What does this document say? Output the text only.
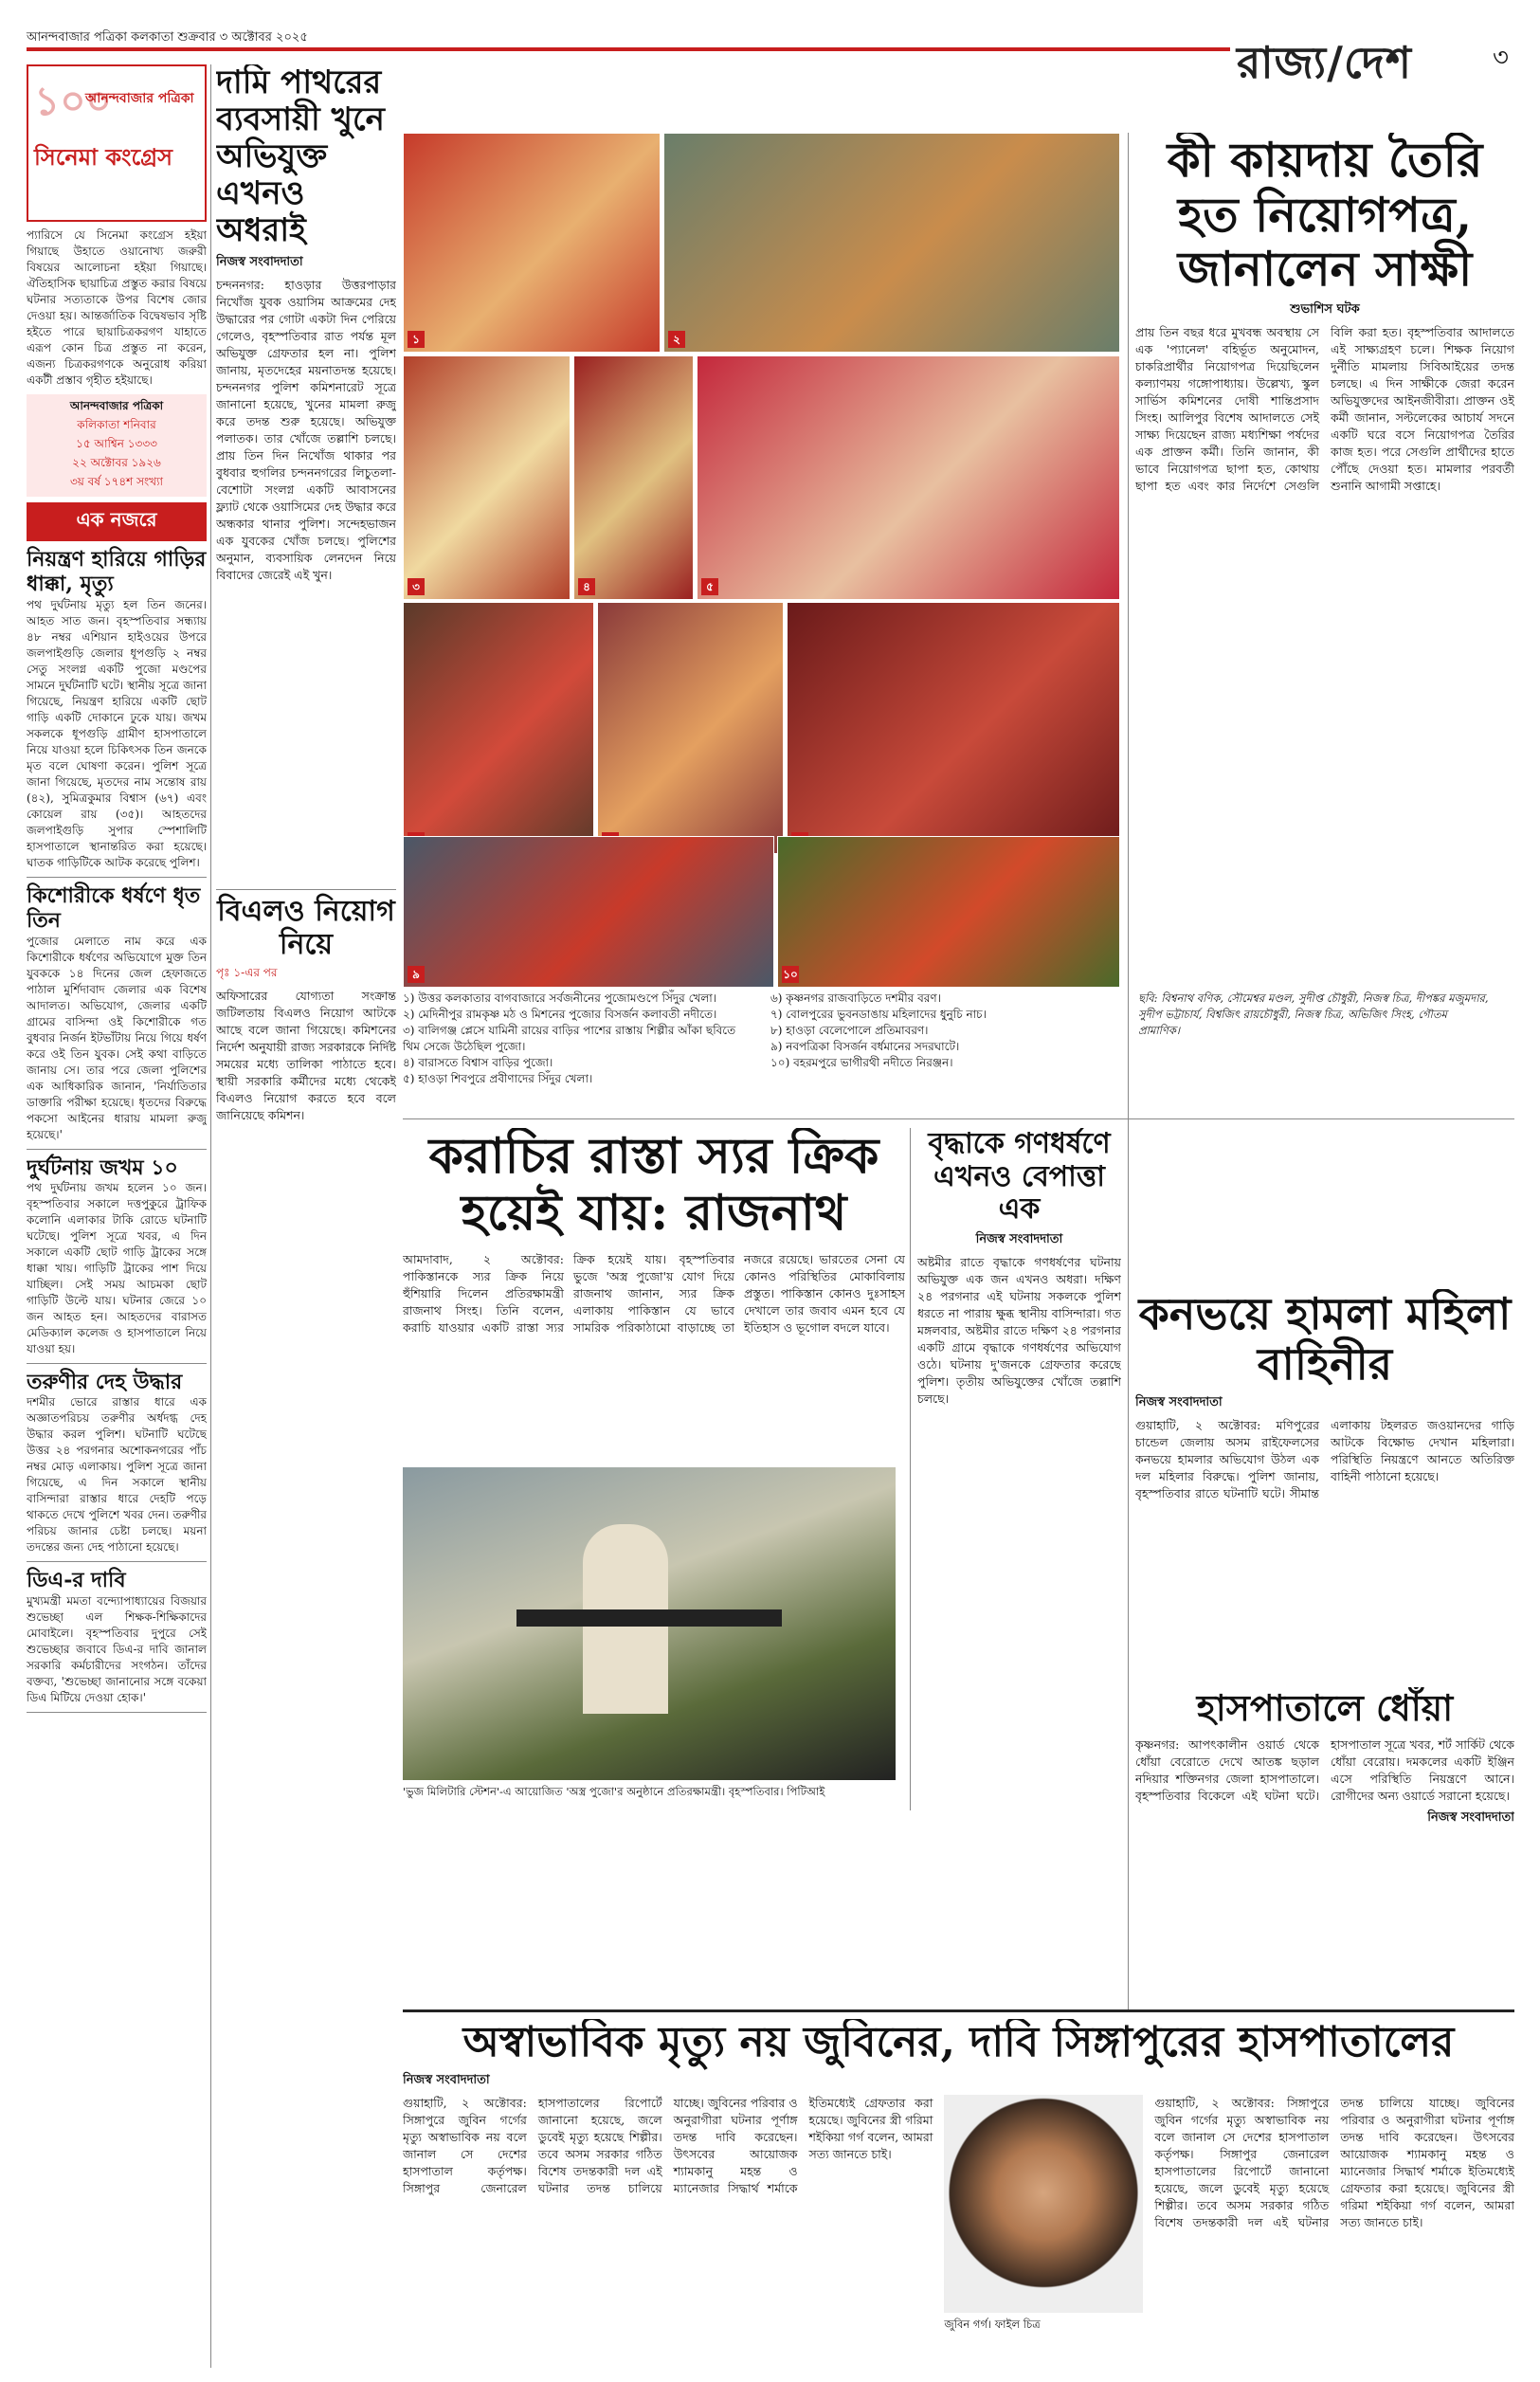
আনন্দবাজার পত্রিকা কলকাতা শুক্রবার ৩ অক্টোবর ২০২৫	রাজ্য/দেশ	৩
১০০
আনন্দবাজার পত্রিকা
সিনেমা কংগ্রেস
প্যারিসে যে সিনেমা কংগ্রেস হইয়া গিয়াছে উহাতে ওয়ানোখ্য জরুরী বিষয়ের আলোচনা হইয়া গিয়াছে। ঐতিহাসিক ছায়াচিত্র প্রস্তুত করার বিষয়ে ঘটনার সত্যতাকে উপর বিশেষ জোর দেওয়া হয়। আন্তর্জাতিক বিদ্বেষভাব সৃষ্টি হইতে পারে ছায়াচিত্রকরগণ যাহাতে এরূপ কোন চিত্র প্রস্তুত না করেন, এজন্য চিত্রকরগণকে অনুরোধ করিয়া একটী প্রস্তাব গৃহীত হইয়াছে।
আনন্দবাজার পত্রিকা
কলিকাতা শনিবার
১৫ আশ্বিন ১৩৩৩
২২ অক্টোবর ১৯২৬
৩য় বর্ষ ১৭৪শ সংখ্যা
এক নজরে
নিয়ন্ত্রণ হারিয়ে গাড়ির ধাক্কা, মৃত্যু
পথ দুর্ঘটনায় মৃত্যু হল তিন জনের। আহত সাত জন। বৃহস্পতিবার সন্ধ্যায় ৪৮ নম্বর এশিয়ান হাইওয়ের উপরে জলপাইগুড়ি জেলার ধূপগুড়ি ২ নম্বর সেতু সংলগ্ন একটি পুজো মণ্ডপের সামনে দুর্ঘটনাটি ঘটে। স্থানীয় সূত্রে জানা গিয়েছে, নিয়ন্ত্রণ হারিয়ে একটি ছোট গাড়ি একটি দোকানে ঢুকে যায়। জখম সকলকে ধূপগুড়ি গ্রামীণ হাসপাতালে নিয়ে যাওয়া হলে চিকিৎসক তিন জনকে মৃত বলে ঘোষণা করেন। পুলিশ সূত্রে জানা গিয়েছে, মৃতদের নাম সন্তোষ রায় (৪২), সুমিত্রকুমার বিশ্বাস (৬৭) এবং কোয়েল রায় (৩৫)। আহতদের জলপাইগুড়ি সুপার স্পেশালিটি হাসপাতালে স্থানান্তরিত করা হয়েছে। ঘাতক গাড়িটিকে আটক করেছে পুলিশ।
কিশোরীকে ধর্ষণে ধৃত তিন
পুজোর মেলাতে নাম করে এক কিশোরীকে ধর্ষণের অভিযোগে মুক্ত তিন যুবককে ১৪ দিনের জেল হেফাজতে পাঠাল মুর্শিদাবাদ জেলার এক বিশেষ আদালত। অভিযোগ, জেলার একটি গ্রামের বাসিন্দা ওই কিশোরীকে গত বুধবার নির্জন ইটভাঁটায় নিয়ে গিয়ে ধর্ষণ করে ওই তিন যুবক। সেই কথা বাড়িতে জানায় সে। তার পরে জেলা পুলিশের এক আধিকারিক জানান, 'নির্যাতিতার ডাক্তারি পরীক্ষা হয়েছে। ধৃতদের বিরুদ্ধে পকসো আইনের ধারায় মামলা রুজু হয়েছে।'
দুর্ঘটনায় জখম ১০
পথ দুর্ঘটনায় জখম হলেন ১০ জন। বৃহস্পতিবার সকালে দত্তপুকুরে ট্রাফিক কলোনি এলাকার টাকি রোডে ঘটনাটি ঘটেছে। পুলিশ সূত্রে খবর, এ দিন সকালে একটি ছোট গাড়ি ট্রাকের সঙ্গে ধাক্কা খায়। গাড়িটি ট্রাকের পাশ দিয়ে যাচ্ছিল। সেই সময় আচমকা ছোট গাড়িটি উল্টে যায়। ঘটনার জেরে ১০ জন আহত হন। আহতদের বারাসত মেডিক্যাল কলেজ ও হাসপাতালে নিয়ে যাওয়া হয়।
তরুণীর দেহ উদ্ধার
দশমীর ভোরে রাস্তার ধারে এক অজ্ঞাতপরিচয় তরুণীর অর্ধদগ্ধ দেহ উদ্ধার করল পুলিশ। ঘটনাটি ঘটেছে উত্তর ২৪ পরগনার অশোকনগরের পাঁচ নম্বর মোড় এলাকায়। পুলিশ সূত্রে জানা গিয়েছে, এ দিন সকালে স্থানীয় বাসিন্দারা রাস্তার ধারে দেহটি পড়ে থাকতে দেখে পুলিশে খবর দেন। তরুণীর পরিচয় জানার চেষ্টা চলছে। ময়না তদন্তের জন্য দেহ পাঠানো হয়েছে।
ডিএ-র দাবি
মুখ্যমন্ত্রী মমতা বন্দ্যোপাধ্যায়ের বিজয়ার শুভেচ্ছা এল শিক্ষক-শিক্ষিকাদের মোবাইলে। বৃহস্পতিবার দুপুরে সেই শুভেচ্ছার জবাবে ডিএ-র দাবি জানাল সরকারি কর্মচারীদের সংগঠন। তাঁদের বক্তব্য, 'শুভেচ্ছা জানানোর সঙ্গে বকেয়া ডিএ মিটিয়ে দেওয়া হোক।'
দামি পাথরের ব্যবসায়ী খুনে অভিযুক্ত এখনও অধরাই
নিজস্ব সংবাদদাতা
চন্দননগর: হাওড়ার উত্তরপাড়ার নিখোঁজ যুবক ওয়াসিম আক্রমের দেহ উদ্ধারের পর গোটা একটা দিন পেরিয়ে গেলেও, বৃহস্পতিবার রাত পর্যন্ত মূল অভিযুক্ত গ্রেফতার হল না। পুলিশ জানায়, মৃতদেহের ময়নাতদন্ত হয়েছে। চন্দননগর পুলিশ কমিশনারেট সূত্রে জানানো হয়েছে, খুনের মামলা রুজু করে তদন্ত শুরু হয়েছে। অভিযুক্ত পলাতক। তার খোঁজে তল্লাশি চলছে। প্রায় তিন দিন নিখোঁজ থাকার পর বুধবার হুগলির চন্দননগরের লিচুতলা-বেশোটা সংলগ্ন একটি আবাসনের ফ্ল্যাট থেকে ওয়াসিমের দেহ উদ্ধার করে অন্ধকার থানার পুলিশ। সন্দেহভাজন এক যুবকের খোঁজ চলছে। পুলিশের অনুমান, ব্যবসায়িক লেনদেন নিয়ে বিবাদের জেরেই এই খুন।
বিএলও নিয়োগ নিয়ে
পৃঃ ১-এর পর
অফিসারের যোগ্যতা সংক্রান্ত জটিলতায় বিএলও নিয়োগ আটকে আছে বলে জানা গিয়েছে। কমিশনের নির্দেশ অনুযায়ী রাজ্য সরকারকে নির্দিষ্ট সময়ের মধ্যে তালিকা পাঠাতে হবে। স্থায়ী সরকারি কর্মীদের মধ্যে থেকেই বিএলও নিয়োগ করতে হবে বলে জানিয়েছে কমিশন।
১	২
৩	৪	৫
৯	১০
১) উত্তর কলকাতার বাগবাজারে সর্বজনীনের পুজোমণ্ডপে সিঁদুর খেলা।
২) মেদিনীপুর রামকৃষ্ণ মঠ ও মিশনের পুজোর বিসর্জন কলাবতী নদীতে।
৩) বালিগঞ্জ প্লেসে যামিনী রায়ের বাড়ির পাশের রাস্তায় শিল্পীর আঁকা ছবিতে থিম সেজে উঠেছিল পুজো।
৪) বারাসতে বিশ্বাস বাড়ির পুজো।
৫) হাওড়া শিবপুরে প্রবীণাদের সিঁদুর খেলা।
৬) কৃষ্ণনগর রাজবাড়িতে দশমীর বরণ।
৭) বোলপুরের ভুবনডাঙায় মহিলাদের ধুনুচি নাচ।
৮) হাওড়া বেলেপোলে প্রতিমাবরণ।
৯) নবপত্রিকা বিসর্জন বর্ধমানের সদরঘাটে।
১০) বহরমপুরে ভাগীরথী নদীতে নিরঞ্জন।
ছবি: বিশ্বনাথ বণিক, সৌমেশ্বর মণ্ডল, সুদীপ্ত চৌধুরী, নিজস্ব চিত্র, দীপঙ্কর মজুমদার, সুদীপ ভট্টাচার্য, বিশ্বজিৎ রায়চৌধুরী, নিজস্ব চিত্র, অভিজিৎ সিংহ, গৌতম প্রামাণিক।
কী কায়দায় তৈরি হত নিয়োগপত্র, জানালেন সাক্ষী
শুভাশিস ঘটক
প্রায় তিন বছর ধরে মুখবন্ধ অবস্থায় সে এক 'প্যানেল' বহির্ভূত অনুমোদন, চাকরিপ্রার্থীর নিয়োগপত্র দিয়েছিলেন কল্যাণময় গঙ্গোপাধ্যায়। উল্লেখ্য, স্কুল সার্ভিস কমিশনের দোষী শান্তিপ্রসাদ সিংহ। আলিপুর বিশেষ আদালতে সেই সাক্ষ্য দিয়েছেন রাজ্য মধ্যশিক্ষা পর্ষদের এক প্রাক্তন কর্মী। তিনি জানান, কী ভাবে নিয়োগপত্র ছাপা হত, কোথায় ছাপা হত এবং কার নির্দেশে সেগুলি বিলি করা হত। বৃহস্পতিবার আদালতে এই সাক্ষ্যগ্রহণ চলে। শিক্ষক নিয়োগ দুর্নীতি মামলায় সিবিআইয়ের তদন্ত চলছে। এ দিন সাক্ষীকে জেরা করেন অভিযুক্তদের আইনজীবীরা। প্রাক্তন ওই কর্মী জানান, সল্টলেকের আচার্য সদনে একটি ঘরে বসে নিয়োগপত্র তৈরির কাজ হত। পরে সেগুলি প্রার্থীদের হাতে পৌঁছে দেওয়া হত। মামলার পরবর্তী শুনানি আগামী সপ্তাহে।
করাচির রাস্তা স্যর ক্রিক হয়েই যায়: রাজনাথ
আমদাবাদ, ২ অক্টোবর: পাকিস্তানকে স্যর ক্রিক নিয়ে হুঁশিয়ারি দিলেন প্রতিরক্ষামন্ত্রী রাজনাথ সিংহ। তিনি বলেন, করাচি যাওয়ার একটি রাস্তা স্যর ক্রিক হয়েই যায়। বৃহস্পতিবার ভুজে 'অস্ত্র পুজো'য় যোগ দিয়ে রাজনাথ জানান, স্যর ক্রিক এলাকায় পাকিস্তান যে ভাবে সামরিক পরিকাঠামো বাড়াচ্ছে তা নজরে রয়েছে। ভারতের সেনা যে কোনও পরিস্থিতির মোকাবিলায় প্রস্তুত। পাকিস্তান কোনও দুঃসাহস দেখালে তার জবাব এমন হবে যে ইতিহাস ও ভূগোল বদলে যাবে।
'ভুজ মিলিটারি স্টেশন'-এ আয়োজিত 'অস্ত্র পুজো'র অনুষ্ঠানে প্রতিরক্ষামন্ত্রী। বৃহস্পতিবার। পিটিআই
বৃদ্ধাকে গণধর্ষণে এখনও বেপাত্তা এক
নিজস্ব সংবাদদাতা
অষ্টমীর রাতে বৃদ্ধাকে গণধর্ষণের ঘটনায় অভিযুক্ত এক জন এখনও অধরা। দক্ষিণ ২৪ পরগনার এই ঘটনায় সকলকে পুলিশ ধরতে না পারায় ক্ষুব্ধ স্থানীয় বাসিন্দারা। গত মঙ্গলবার, অষ্টমীর রাতে দক্ষিণ ২৪ পরগনার একটি গ্রামে বৃদ্ধাকে গণধর্ষণের অভিযোগ ওঠে। ঘটনায় দু'জনকে গ্রেফতার করেছে পুলিশ। তৃতীয় অভিযুক্তের খোঁজে তল্লাশি চলছে।
কনভয়ে হামলা মহিলা বাহিনীর
নিজস্ব সংবাদদাতা
গুয়াহাটি, ২ অক্টোবর: মণিপুরের চান্ডেল জেলায় অসম রাইফেলসের কনভয়ে হামলার অভিযোগ উঠল এক দল মহিলার বিরুদ্ধে। পুলিশ জানায়, বৃহস্পতিবার রাতে ঘটনাটি ঘটে। সীমান্ত এলাকায় টহলরত জওয়ানদের গাড়ি আটকে বিক্ষোভ দেখান মহিলারা। পরিস্থিতি নিয়ন্ত্রণে আনতে অতিরিক্ত বাহিনী পাঠানো হয়েছে।
হাসপাতালে ধোঁয়া
কৃষ্ণনগর: আপৎকালীন ওয়ার্ড থেকে ধোঁয়া বেরোতে দেখে আতঙ্ক ছড়াল নদিয়ার শক্তিনগর জেলা হাসপাতালে। বৃহস্পতিবার বিকেলে এই ঘটনা ঘটে। হাসপাতাল সূত্রে খবর, শর্ট সার্কিট থেকে ধোঁয়া বেরোয়। দমকলের একটি ইঞ্জিন এসে পরিস্থিতি নিয়ন্ত্রণে আনে। রোগীদের অন্য ওয়ার্ডে সরানো হয়েছে।
নিজস্ব সংবাদদাতা
অস্বাভাবিক মৃত্যু নয় জুবিনের, দাবি সিঙ্গাপুরের হাসপাতালের
নিজস্ব সংবাদদাতা
গুয়াহাটি, ২ অক্টোবর: সিঙ্গাপুরে জুবিন গর্গের মৃত্যু অস্বাভাবিক নয় বলে জানাল সে দেশের হাসপাতাল কর্তৃপক্ষ। সিঙ্গাপুর জেনারেল হাসপাতালের রিপোর্টে জানানো হয়েছে, জলে ডুবেই মৃত্যু হয়েছে শিল্পীর। তবে অসম সরকার গঠিত বিশেষ তদন্তকারী দল এই ঘটনার তদন্ত চালিয়ে যাচ্ছে। জুবিনের পরিবার ও অনুরাগীরা ঘটনার পূর্ণাঙ্গ তদন্ত দাবি করেছেন। উৎসবের আয়োজক শ্যামকানু মহন্ত ও ম্যানেজার সিদ্ধার্থ শর্মাকে ইতিমধ্যেই গ্রেফতার করা হয়েছে। জুবিনের স্ত্রী গরিমা শইকিয়া গর্গ বলেন, আমরা সত্য জানতে চাই।
জুবিন গর্গ। ফাইল চিত্র
গুয়াহাটি, ২ অক্টোবর: সিঙ্গাপুরে জুবিন গর্গের মৃত্যু অস্বাভাবিক নয় বলে জানাল সে দেশের হাসপাতাল কর্তৃপক্ষ। সিঙ্গাপুর জেনারেল হাসপাতালের রিপোর্টে জানানো হয়েছে, জলে ডুবেই মৃত্যু হয়েছে শিল্পীর। তবে অসম সরকার গঠিত বিশেষ তদন্তকারী দল এই ঘটনার তদন্ত চালিয়ে যাচ্ছে। জুবিনের পরিবার ও অনুরাগীরা ঘটনার পূর্ণাঙ্গ তদন্ত দাবি করেছেন। উৎসবের আয়োজক শ্যামকানু মহন্ত ও ম্যানেজার সিদ্ধার্থ শর্মাকে ইতিমধ্যেই গ্রেফতার করা হয়েছে। জুবিনের স্ত্রী গরিমা শইকিয়া গর্গ বলেন, আমরা সত্য জানতে চাই।
